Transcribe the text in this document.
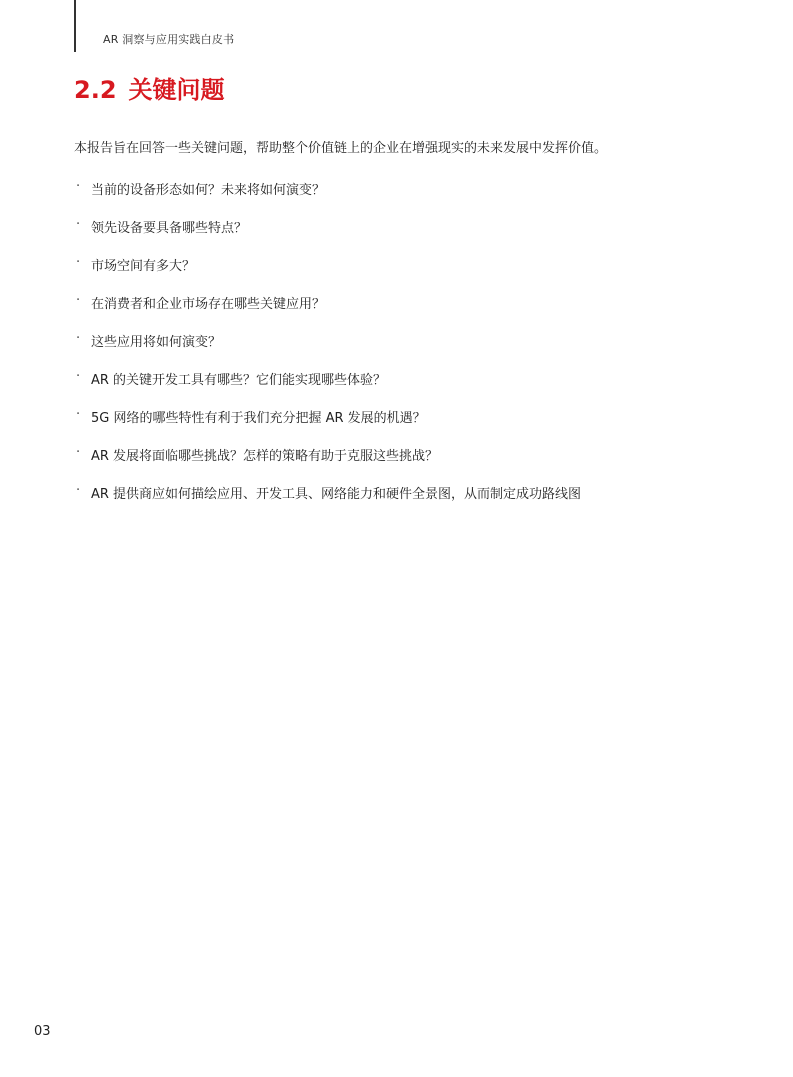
AR 洞察与应用实践白皮书
2.2 关键问题

本报告旨在回答一些关键问题，帮助整个价值链上的企业在增强现实的未来发展中发挥价值。

· 当前的设备形态如何？未来将如何演变？
· 领先设备要具备哪些特点？
· 市场空间有多大？
· 在消费者和企业市场存在哪些关键应用？
· 这些应用将如何演变？
· AR 的关键开发工具有哪些？它们能实现哪些体验？
· 5G 网络的哪些特性有利于我们充分把握 AR 发展的机遇？
· AR 发展将面临哪些挑战？怎样的策略有助于克服这些挑战？
· AR 提供商应如何描绘应用、开发工具、网络能力和硬件全景图，从而制定成功路线图
03
